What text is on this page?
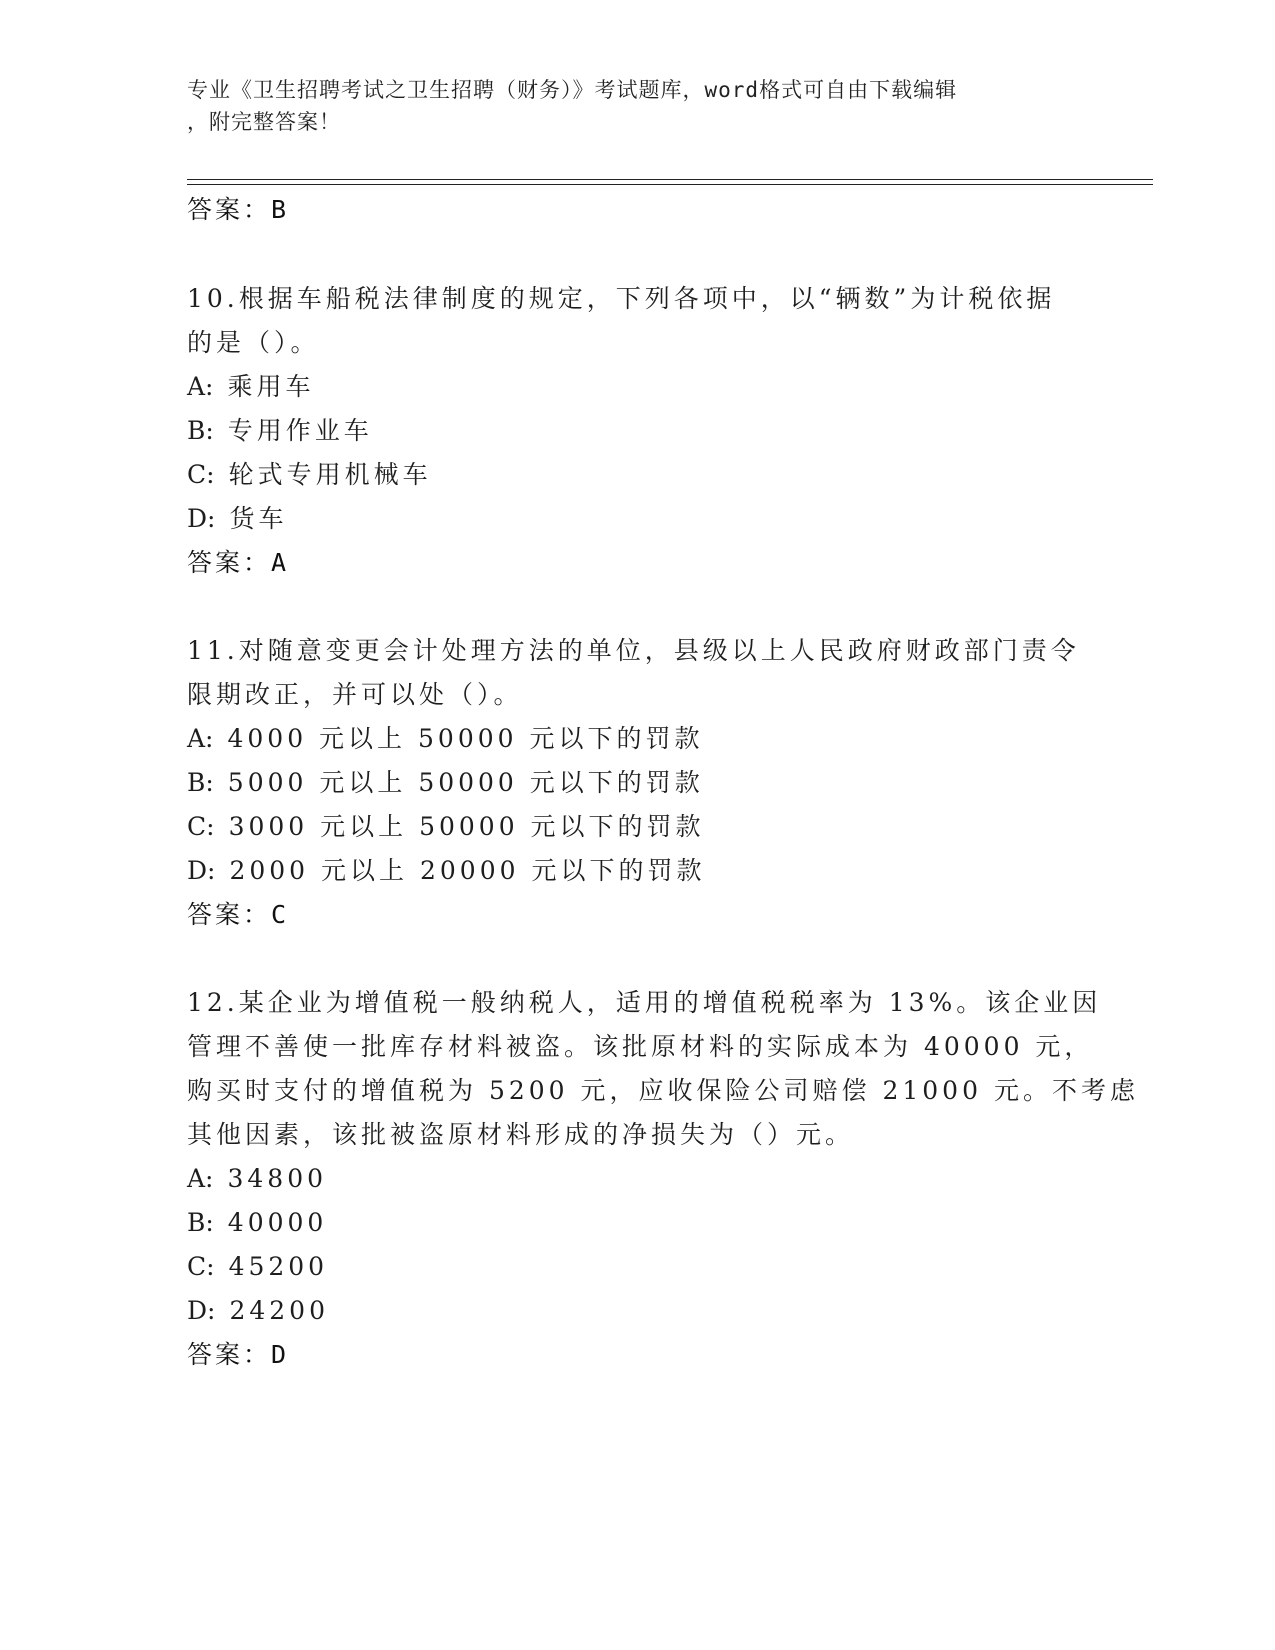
专业《卫生招聘考试之卫生招聘（财务）》考试题库，word格式可自由下载编辑
，附完整答案！
答案：B
10.根据车船税法律制度的规定，下列各项中，以“辆数”为计税依据
的是（）。
A: 乘用车
B: 专用作业车
C: 轮式专用机械车
D: 货车
答案：A
11.对随意变更会计处理方法的单位，县级以上人民政府财政部门责令
限期改正，并可以处（）。
A: 4000 元以上 50000 元以下的罚款
B: 5000 元以上 50000 元以下的罚款
C: 3000 元以上 50000 元以下的罚款
D: 2000 元以上 20000 元以下的罚款
答案：C
12.某企业为增值税一般纳税人，适用的增值税税率为 13%。该企业因
管理不善使一批库存材料被盗。该批原材料的实际成本为 40000 元，
购买时支付的增值税为 5200 元，应收保险公司赔偿 21000 元。不考虑
其他因素，该批被盗原材料形成的净损失为（）元。
A: 34800
B: 40000
C: 45200
D: 24200
答案：D
